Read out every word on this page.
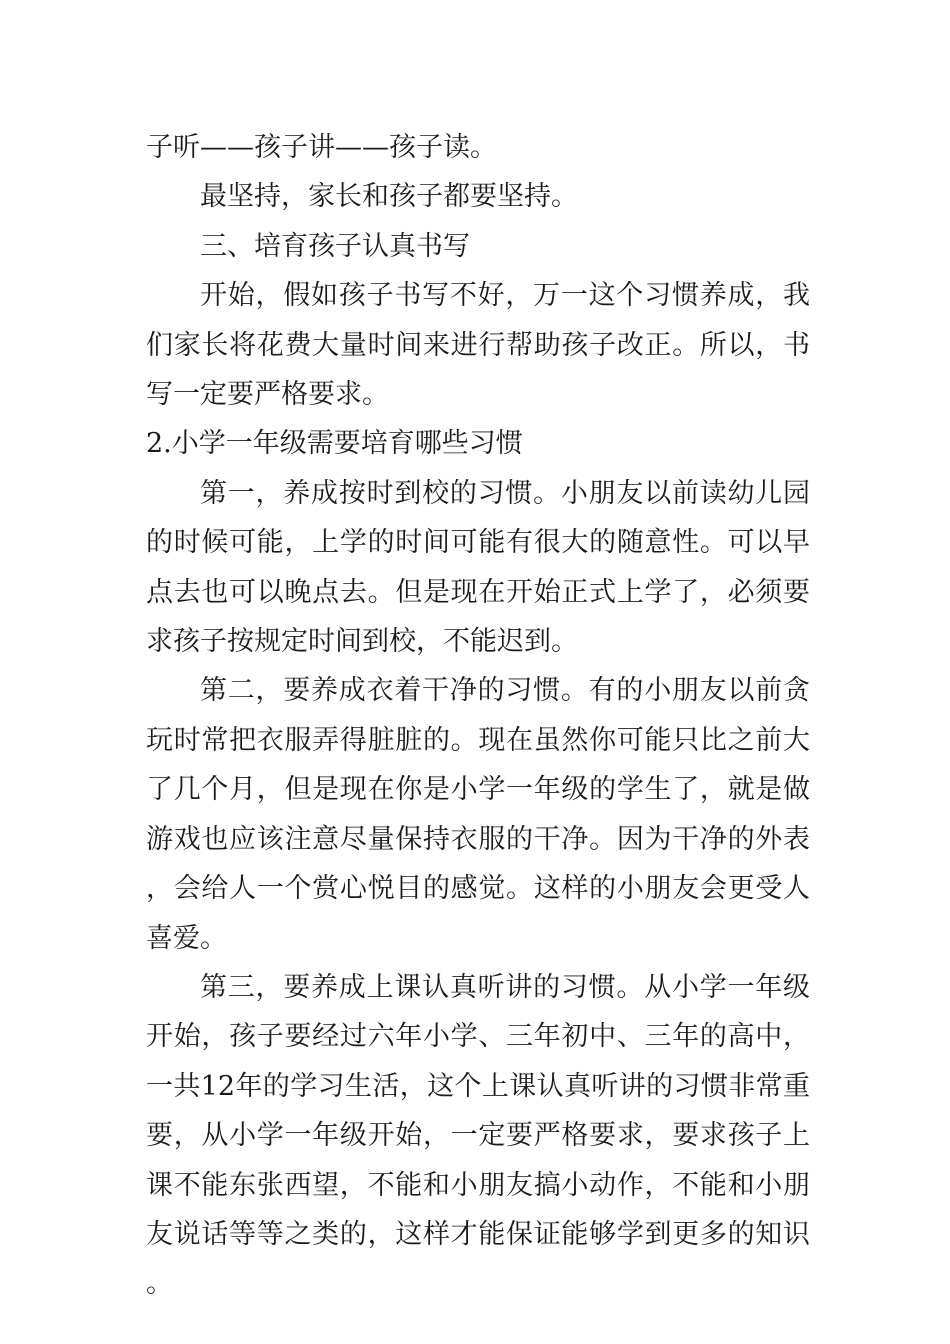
子听——孩子讲——孩子读。

最坚持，家长和孩子都要坚持。

三、培育孩子认真书写

开始，假如孩子书写不好，万一这个习惯养成，我们家长将花费大量时间来进行帮助孩子改正。所以，书写一定要严格要求。

2.小学一年级需要培育哪些习惯

第一，养成按时到校的习惯。小朋友以前读幼儿园的时候可能，上学的时间可能有很大的随意性。可以早点去也可以晚点去。但是现在开始正式上学了，必须要求孩子按规定时间到校，不能迟到。

第二，要养成衣着干净的习惯。有的小朋友以前贪玩时常把衣服弄得脏脏的。现在虽然你可能只比之前大了几个月，但是现在你是小学一年级的学生了，就是做游戏也应该注意尽量保持衣服的干净。因为干净的外表，会给人一个赏心悦目的感觉。这样的小朋友会更受人喜爱。

第三，要养成上课认真听讲的习惯。从小学一年级开始，孩子要经过六年小学、三年初中、三年的高中，一共12年的学习生活，这个上课认真听讲的习惯非常重要，从小学一年级开始，一定要严格要求，要求孩子上课不能东张西望，不能和小朋友搞小动作，不能和小朋友说话等等之类的，这样才能保证能够学到更多的知识。
